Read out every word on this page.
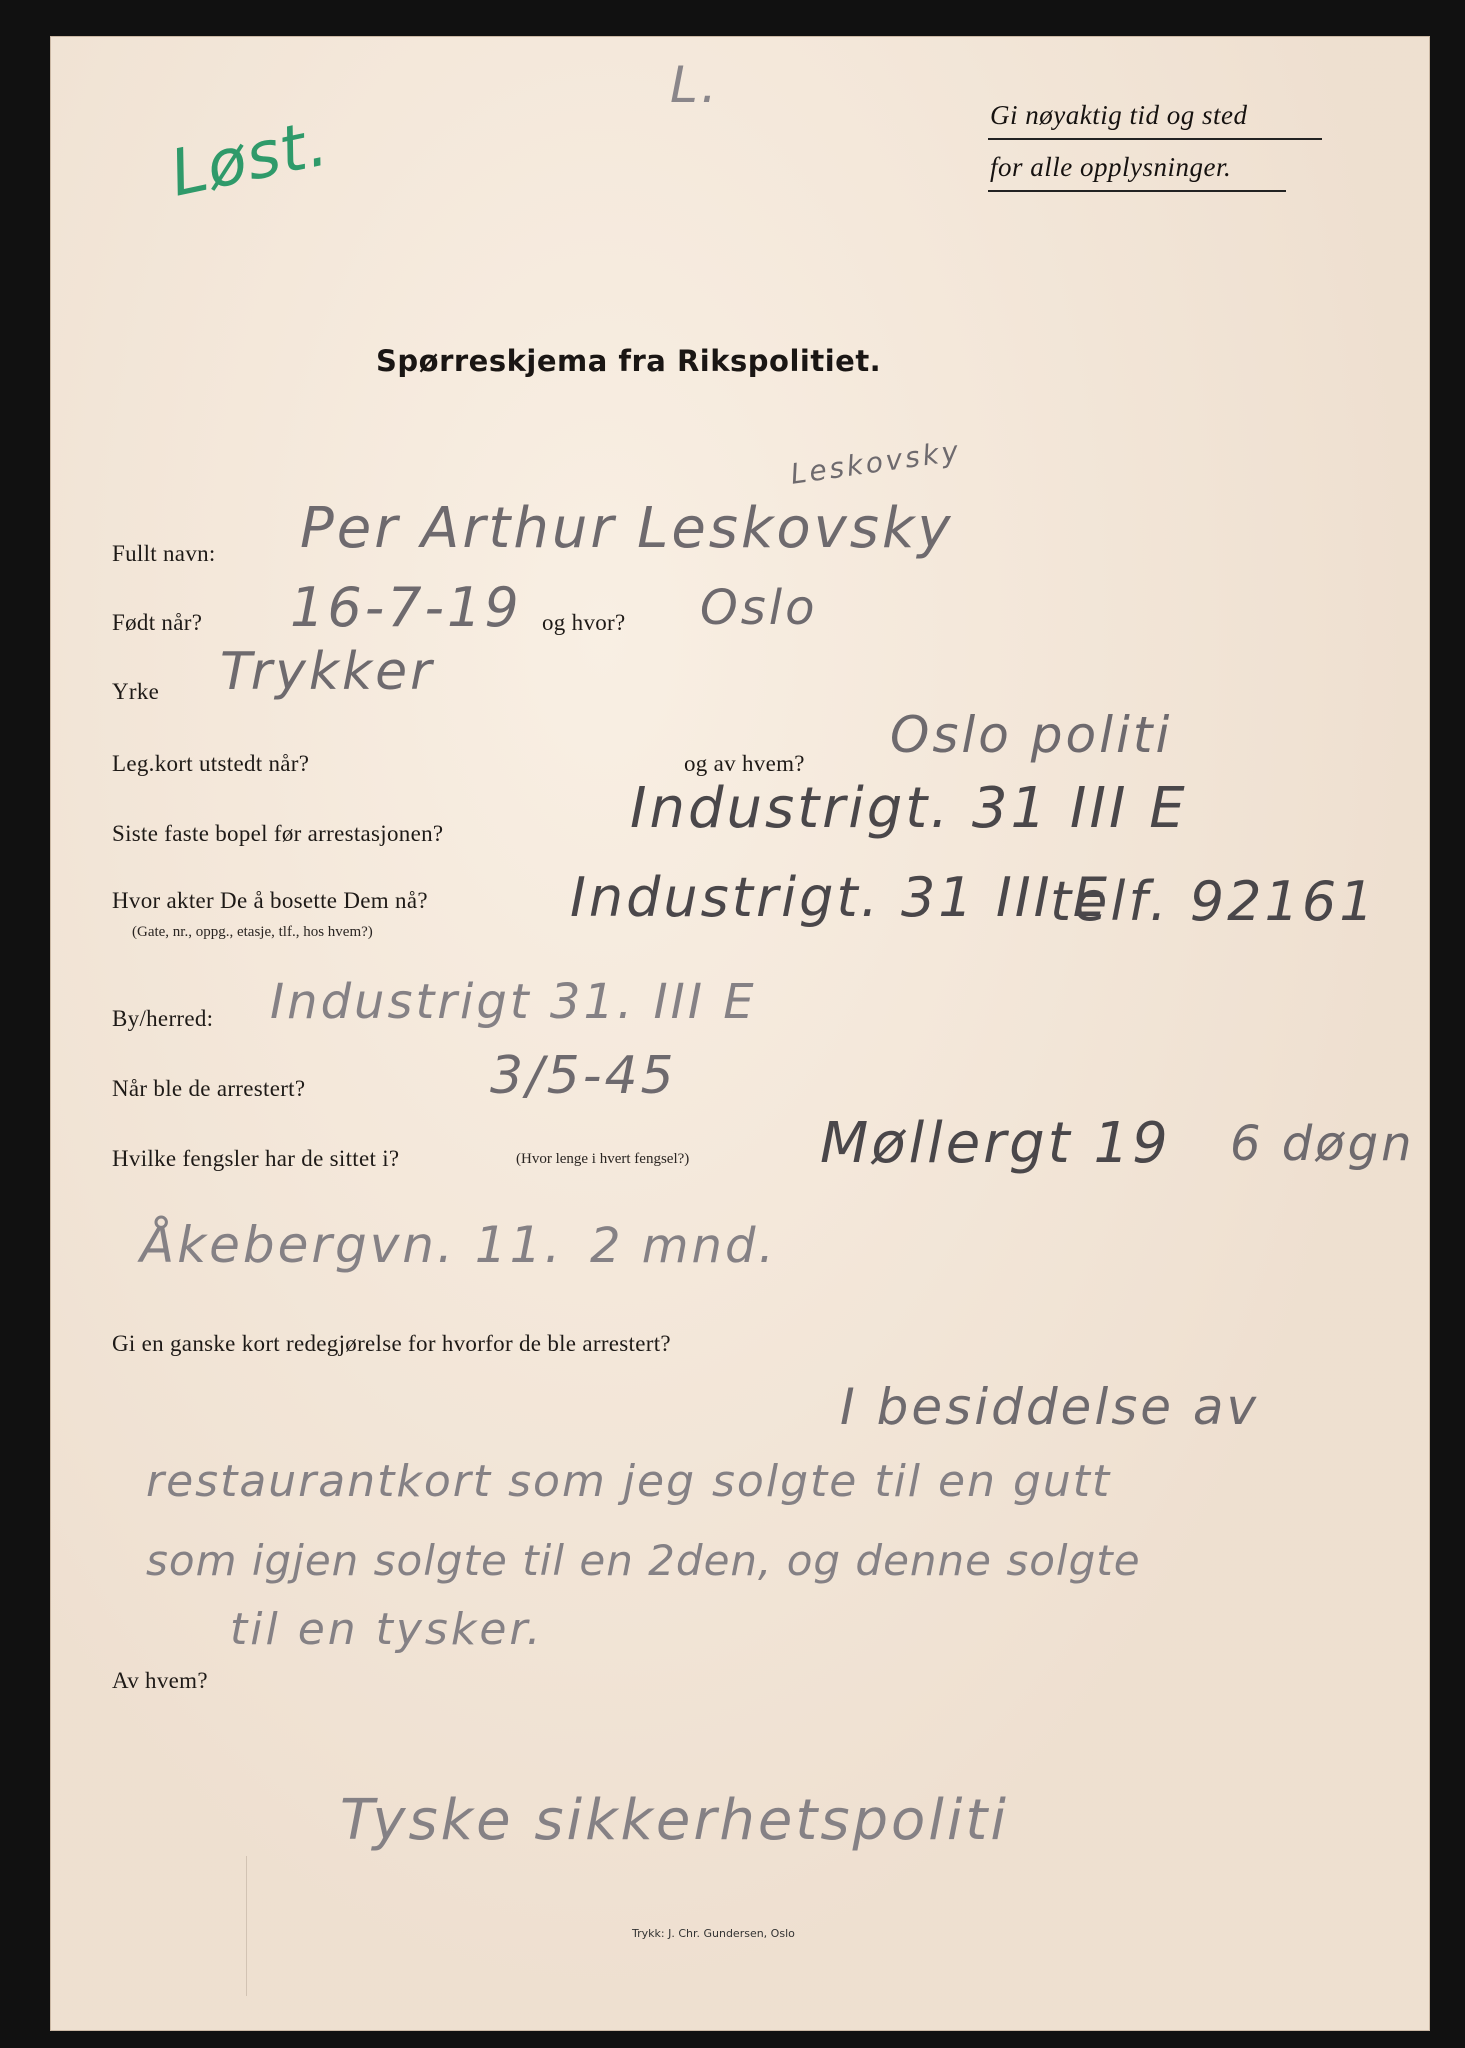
Løst.
L.
Gi nøyaktig tid og sted
for alle opplysninger.
Spørreskjema fra Rikspolitiet.
Leskovsky
Fullt navn: Per Arthur Leskovsky
Født når? 16-7-19 og hvor? Oslo
Yrke Trykker
Leg.kort utstedt når?	og av hvem? Oslo politi
Siste faste bopel før arrestasjonen?	Industrigt. 31 III E
Hvor akter De å bosette Dem nå?
(Gate, nr., oppg., etasje, tlf., hos hvem?)
Industrigt. 31 III E
telf. 92161
By/herred: Industrigt 31. III E
Når ble de arrestert?	3/5-45
Hvilke fengsler har de sittet i?	(Hvor lenge i hvert fengsel?) Møllergt 19 6 døgn
Åkebergvn. 11. 2 mnd.
Gi en ganske kort redegjørelse for hvorfor de ble arrestert?
I besiddelse av
restaurantkort som jeg solgte til en gutt
som igjen solgte til en 2den, og denne solgte
til en tysker.
Av hvem?
Tyske sikkerhetspoliti
Trykk: J. Chr. Gundersen, Oslo
